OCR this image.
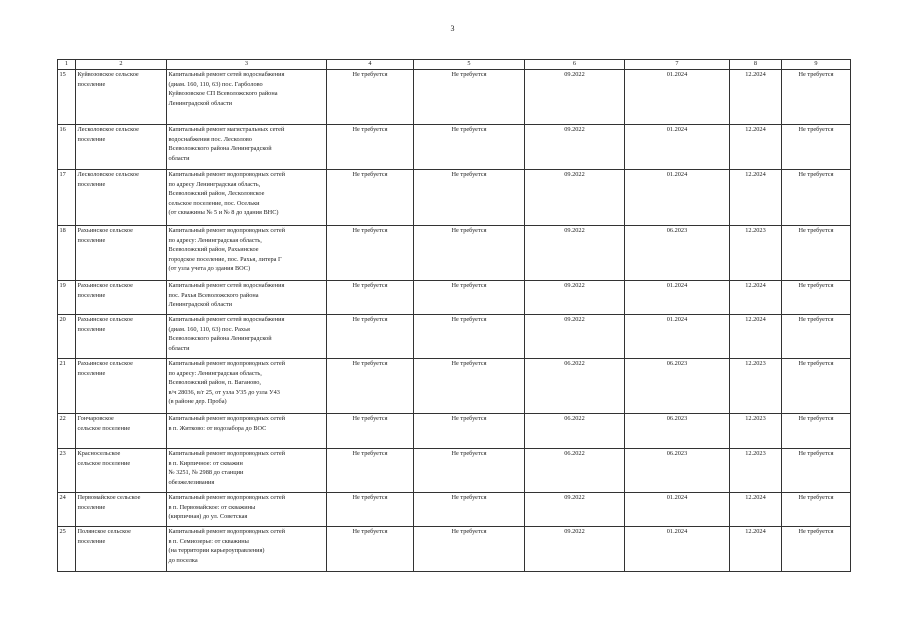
3
1	2	3	4	5	6	7	8	9
15	Куйвозовское сельское
поселение	Капитальный ремонт сетей водоснабжения
(диам. 160, 110, 63) пос. Гарболово
Куйвозовское СП Всеволожского района
Ленинградской области	Не требуется	Не требуется	09.2022	01.2024	12.2024	Не требуется
16	Лесколовское сельское
поселение	Капитальный ремонт магистральных сетей
водоснабжения пос. Лесколово
Всеволожского района Ленинградской
области	Не требуется	Не требуется	09.2022	01.2024	12.2024	Не требуется
17	Лесколовское сельское
поселение	Капитальный ремонт водопроводных сетей
по адресу Ленинградская область,
Всеволожский район, Лесколовское
сельское поселение, пос. Осельки
(от скважины № 5 и № 8 до здания ВНС)	Не требуется	Не требуется	09.2022	01.2024	12.2024	Не требуется
18	Рахьинское сельское
поселение	Капитальный ремонт водопроводных сетей
по адресу: Ленинградская область,
Всеволожский район, Рахьинское
городское поселение, пос. Рахья, литера Г
(от узла учета до здания ВОС)	Не требуется	Не требуется	09.2022	06.2023	12.2023	Не требуется
19	Рахьинское сельское
поселение	Капитальный ремонт сетей водоснабжения
пос. Рахья Всеволожского района
Ленинградской области	Не требуется	Не требуется	09.2022	01.2024	12.2024	Не требуется
20	Рахьинское сельское
поселение	Капитальный ремонт сетей водоснабжения
(диам. 160, 110, 63) пос. Рахья
Всеволожского района Ленинградской
области	Не требуется	Не требуется	09.2022	01.2024	12.2024	Не требуется
21	Рахьинское сельское
поселение	Капитальный ремонт водопроводных сетей
по адресу: Ленинградская область,
Всеволожский район, п. Ваганово,
в/ч 28036, в/г 25, от узла У35 до узла У43
(в районе дер. Проба)	Не требуется	Не требуется	06.2022	06.2023	12.2023	Не требуется
22	Гончаровское
сельское поселение	Капитальный ремонт водопроводных сетей
в п. Житково: от водозабора до ВОС	Не требуется	Не требуется	06.2022	06.2023	12.2023	Не требуется
23	Красносельское
сельское поселение	Капитальный ремонт водопроводных сетей
в п. Кирпичное: от скважин
№ 3251, № 2988 до станции
обезжелезивания	Не требуется	Не требуется	06.2022	06.2023	12.2023	Не требуется
24	Первомайское сельское
поселение	Капитальный ремонт водопроводных сетей
в п. Первомайское: от скважины
(кирпичная) до ул. Советская	Не требуется	Не требуется	09.2022	01.2024	12.2024	Не требуется
25	Полянское сельское
поселение	Капитальный ремонт водопроводных сетей
в п. Семиозерье: от скважины
(на территории карьероуправления)
до поселка	Не требуется	Не требуется	09.2022	01.2024	12.2024	Не требуется
